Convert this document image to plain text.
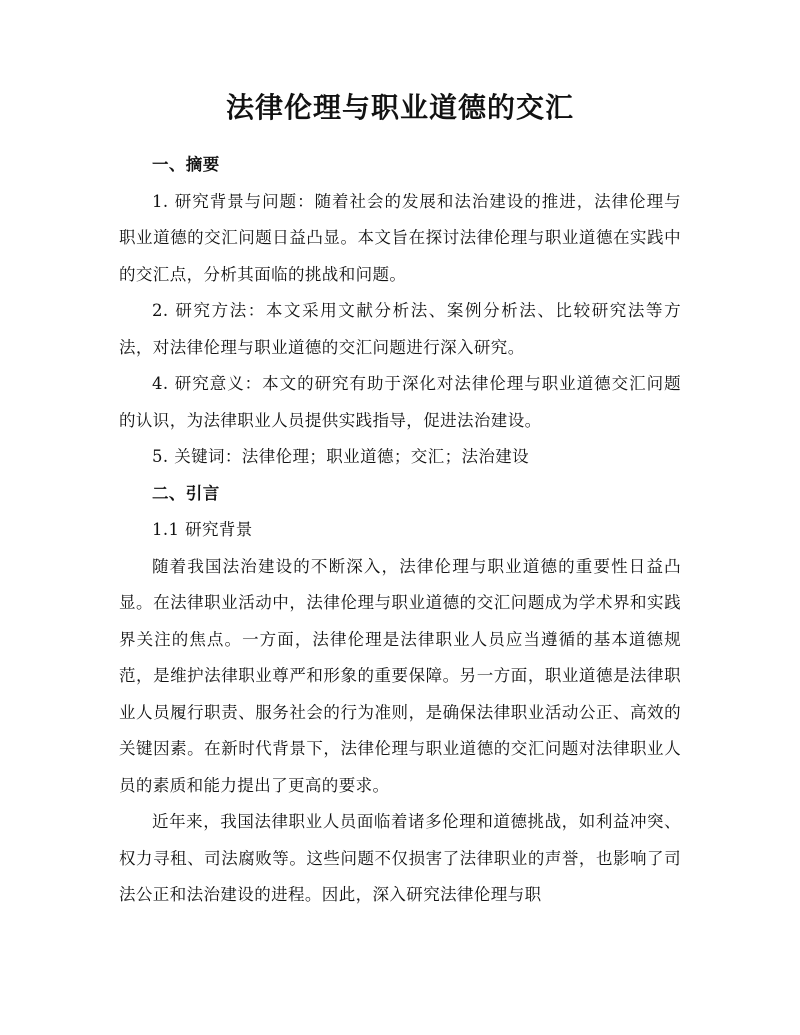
法律伦理与职业道德的交汇
一、摘要

1. 研究背景与问题：随着社会的发展和法治建设的推进，法律伦理与职业道德的交汇问题日益凸显。本文旨在探讨法律伦理与职业道德在实践中的交汇点，分析其面临的挑战和问题。

2. 研究方法：本文采用文献分析法、案例分析法、比较研究法等方法，对法律伦理与职业道德的交汇问题进行深入研究。

4. 研究意义：本文的研究有助于深化对法律伦理与职业道德交汇问题的认识，为法律职业人员提供实践指导，促进法治建设。

5. 关键词：法律伦理；职业道德；交汇；法治建设

二、引言

1.1 研究背景

随着我国法治建设的不断深入，法律伦理与职业道德的重要性日益凸显。在法律职业活动中，法律伦理与职业道德的交汇问题成为学术界和实践界关注的焦点。一方面，法律伦理是法律职业人员应当遵循的基本道德规范，是维护法律职业尊严和形象的重要保障。另一方面，职业道德是法律职业人员履行职责、服务社会的行为准则，是确保法律职业活动公正、高效的关键因素。在新时代背景下，法律伦理与职业道德的交汇问题对法律职业人员的素质和能力提出了更高的要求。

近年来，我国法律职业人员面临着诸多伦理和道德挑战，如利益冲突、权力寻租、司法腐败等。这些问题不仅损害了法律职业的声誉，也影响了司法公正和法治建设的进程。因此，深入研究法律伦理与职
